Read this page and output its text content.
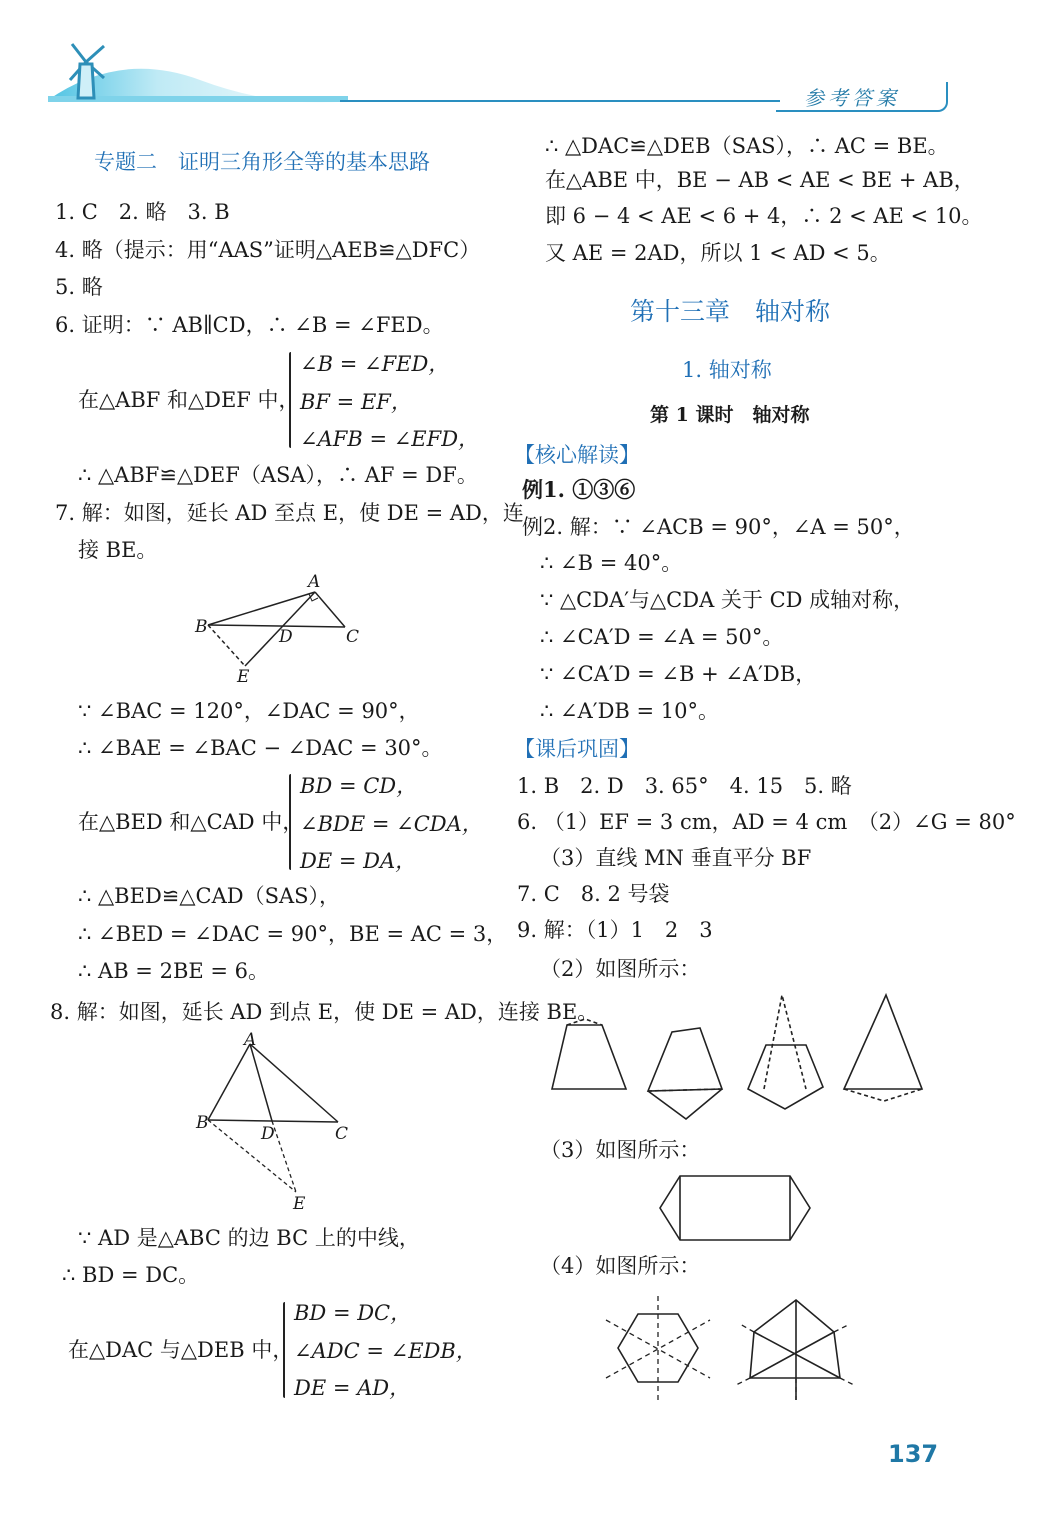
参考答案
专题二　证明三角形全等的基本思路
1. C　2. 略　3. B
4. 略（提示：用“AAS”证明△AEB≌△DFC）
5. 略
6. 证明：∵ AB∥CD，∴ ∠B = ∠FED。
在△ABF 和△DEF 中，
∠B = ∠FED，
BF = EF，
∠AFB = ∠EFD，
∴ △ABF≌△DEF（ASA），∴ AF = DF。
7. 解：如图，延长 AD 至点 E，使 DE = AD，连
接 BE。
A
B	D	C
E
∵ ∠BAC = 120°，∠DAC = 90°，
∴ ∠BAE = ∠BAC − ∠DAC = 30°。
在△BED 和△CAD 中，
BD = CD，
∠BDE = ∠CDA，
DE = DA，
∴ △BED≌△CAD（SAS），
∴ ∠BED = ∠DAC = 90°，BE = AC = 3，
∴ AB = 2BE = 6。
8. 解：如图，延长 AD 到点 E，使 DE = AD，连接 BE。
A
B
D	C
E
∵ AD 是△ABC 的边 BC 上的中线，
∴ BD = DC。
在△DAC 与△DEB 中，
BD = DC，
∠ADC = ∠EDB，
DE = AD，
∴ △DAC≌△DEB（SAS），∴ AC = BE。
在△ABE 中，BE − AB < AE < BE + AB，
即 6 − 4 < AE < 6 + 4，∴ 2 < AE < 10。
又 AE = 2AD，所以 1 < AD < 5。
第十三章　轴对称
1. 轴对称
第 1 课时　轴对称
【核心解读】
例1. ①③⑥
例2. 解：∵ ∠ACB = 90°，∠A = 50°，
∴ ∠B = 40°。
∵ △CDA′与△CDA 关于 CD 成轴对称，
∴ ∠CA′D = ∠A = 50°。
∵ ∠CA′D = ∠B + ∠A′DB，
∴ ∠A′DB = 10°。
【课后巩固】
1. B　2. D　3. 65°　4. 15　5. 略
6. （1）EF = 3 cm，AD = 4 cm　（2）∠G = 80°
（3）直线 MN 垂直平分 BF
7. C　8. 2 号袋
9. 解：（1）1　2　3
（2）如图所示：
（3）如图所示：
（4）如图所示：
137
